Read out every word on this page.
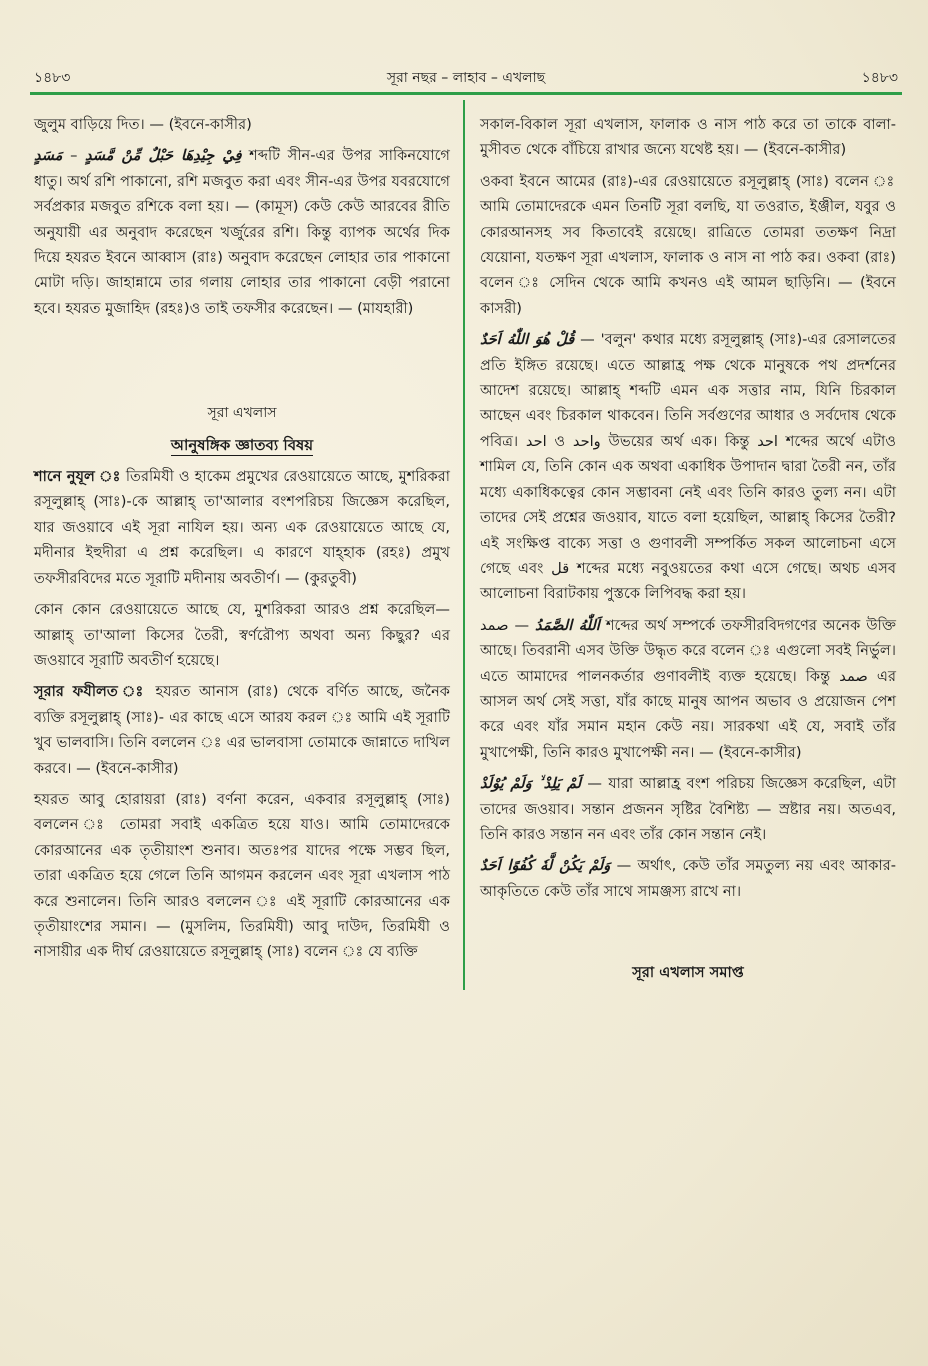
১৪৮৩	সূরা নছর – লাহাব – এখলাছ	১৪৮৩

জুলুম বাড়িয়ে দিত। — (ইবনে-কাসীর)

فِيْ جِيْدِهَا حَبْلٌ مِّنْ مَّسَدٍ – مَسَدٍ	শব্দটি সীন-এর উপর সাকিনযোগে ধাতু। অর্থ রশি পাকানো, রশি মজবুত করা এবং সীন-এর উপর যবরযোগে সর্বপ্রকার মজবুত রশিকে বলা হয়। — (কামূস) কেউ কেউ আরবের রীতি অনুযায়ী এর অনুবাদ করেছেন খর্জুরের রশি। কিন্তু ব্যাপক অর্থের দিক দিয়ে হযরত ইবনে আব্বাস (রাঃ) অনুবাদ করেছেন লোহার তার পাকানো মোটা দড়ি। জাহান্নামে তার গলায় লোহার তার পাকানো বেড়ী পরানো হবে। হযরত মুজাহিদ (রহঃ)ও তাই তফসীর করেছেন। — (মাযহারী)

সূরা এখলাস

আনুষঙ্গিক জ্ঞাতব্য বিষয়

শানে নুযূল ঃ তিরমিযী ও হাকেম প্রমুখের রেওয়ায়েতে আছে, মুশরিকরা রসূলুল্লাহ্ (সাঃ)-কে আল্লাহ্ তা'আলার বংশপরিচয় জিজ্ঞেস করেছিল, যার জওয়াবে এই সূরা নাযিল হয়। অন্য এক রেওয়ায়েতে আছে যে, মদীনার ইহুদীরা এ প্রশ্ন করেছিল। এ কারণে যাহ্হাক (রহঃ) প্রমুখ তফসীরবিদের মতে সূরাটি মদীনায় অবতীর্ণ। — (কুরতুবী)

কোন কোন রেওয়ায়েতে আছে যে, মুশরিকরা আরও প্রশ্ন করেছিল—আল্লাহ্ তা'আলা কিসের তৈরী, স্বর্ণরৌপ্য অথবা অন্য কিছুর? এর জওয়াবে সূরাটি অবতীর্ণ হয়েছে।

সূরার ফযীলত ঃ হযরত আনাস (রাঃ) থেকে বর্ণিত আছে, জনৈক ব্যক্তি রসূলুল্লাহ্ (সাঃ)- এর কাছে এসে আরয করল ঃ আমি এই সূরাটি খুব ভালবাসি। তিনি বললেন ঃ এর ভালবাসা তোমাকে জান্নাতে দাখিল করবে। — (ইবনে-কাসীর)

হযরত আবু হোরায়রা (রাঃ) বর্ণনা করেন, একবার রসূলুল্লাহ্ (সাঃ) বললেন ঃ তোমরা সবাই একত্রিত হয়ে যাও। আমি তোমাদেরকে কোরআনের এক তৃতীয়াংশ শুনাব। অতঃপর যাদের পক্ষে সম্ভব ছিল, তারা একত্রিত হয়ে গেলে তিনি আগমন করলেন এবং সূরা এখলাস পাঠ করে শুনালেন। তিনি আরও বললেন ঃ এই সূরাটি কোরআনের এক তৃতীয়াংশের সমান। — (মুসলিম, তিরমিযী) আবু দাউদ, তিরমিযী ও নাসায়ীর এক দীর্ঘ রেওয়ায়েতে রসূলুল্লাহ্ (সাঃ) বলেন ঃ যে ব্যক্তি

সকাল-বিকাল সূরা এখলাস, ফালাক ও নাস পাঠ করে তা তাকে বালা-মুসীবত থেকে বাঁচিয়ে রাখার জন্যে যথেষ্ট হয়। — (ইবনে-কাসীর)

ওকবা ইবনে আমের (রাঃ)-এর রেওয়ায়েতে রসূলুল্লাহ্ (সাঃ) বলেন ঃ আমি তোমাদেরকে এমন তিনটি সূরা বলছি, যা তওরাত, ইঞ্জীল, যবুর ও কোরআনসহ সব কিতাবেই রয়েছে। রাত্রিতে তোমরা ততক্ষণ নিদ্রা যেয়োনা, যতক্ষণ সূরা এখলাস, ফালাক ও নাস না পাঠ কর। ওকবা (রাঃ) বলেন ঃ সেদিন থেকে আমি কখনও এই আমল ছাড়িনি। — (ইবনে কাসরী)

قُلْ هُوَ اللّٰهُ اَحَدٌ — 'বলুন' কথার মধ্যে রসূলুল্লাহ্ (সাঃ)-এর রেসালতের প্রতি ইঙ্গিত রয়েছে। এতে আল্লাহ্র পক্ষ থেকে মানুষকে পথ প্রদর্শনের আদেশ রয়েছে। আল্লাহ্ শব্দটি এমন এক সত্তার নাম, যিনি চিরকাল আছেন এবং চিরকাল থাকবেন। তিনি সর্বগুণের আধার ও সর্বদোষ থেকে পবিত্র। احد ও واحد উভয়ের অর্থ এক। কিন্তু احد শব্দের অর্থে এটাও শামিল যে, তিনি কোন এক অথবা একাধিক উপাদান দ্বারা তৈরী নন, তাঁর মধ্যে একাধিকত্বের কোন সম্ভাবনা নেই এবং তিনি কারও তুল্য নন। এটা তাদের সেই প্রশ্নের জওয়াব, যাতে বলা হয়েছিল, আল্লাহ্ কিসের তৈরী? এই সংক্ষিপ্ত বাক্যে সত্তা ও গুণাবলী সম্পর্কিত সকল আলোচনা এসে গেছে এবং قل শব্দের মধ্যে নবুওয়তের কথা এসে গেছে। অথচ এসব আলোচনা বিরাটকায় পুস্তকে লিপিবদ্ধ করা হয়।

اَللّٰهُ الصَّمَدُ — صمد শব্দের অর্থ সম্পর্কে তফসীরবিদগণের অনেক উক্তি আছে। তিবরানী এসব উক্তি উদ্ধৃত করে বলেন ঃ এগুলো সবই নির্ভুল। এতে আমাদের পালনকর্তার গুণাবলীই ব্যক্ত হয়েছে। কিন্তু صمد এর আসল অর্থ সেই সত্তা, যাঁর কাছে মানুষ আপন অভাব ও প্রয়োজন পেশ করে এবং যাঁর সমান মহান কেউ নয়। সারকথা এই যে, সবাই তাঁর মুখাপেক্ষী, তিনি কারও মুখাপেক্ষী নন। — (ইবনে-কাসীর)

لَمْ يَلِدْ ۙ وَلَمْ يُوْلَدْ — যারা আল্লাহ্র বংশ পরিচয় জিজ্ঞেস করেছিল, এটা তাদের জওয়াব। সন্তান প্রজনন সৃষ্টির বৈশিষ্ট্য — স্রষ্টার নয়। অতএব, তিনি কারও সন্তান নন এবং তাঁর কোন সন্তান নেই।

وَلَمْ يَكُنْ لَّهٗ كُفُوًا اَحَدٌ — অর্থাৎ, কেউ তাঁর সমতুল্য নয় এবং আকার-আকৃতিতে কেউ তাঁর সাথে সামঞ্জস্য রাখে না।

সূরা এখলাস সমাপ্ত
